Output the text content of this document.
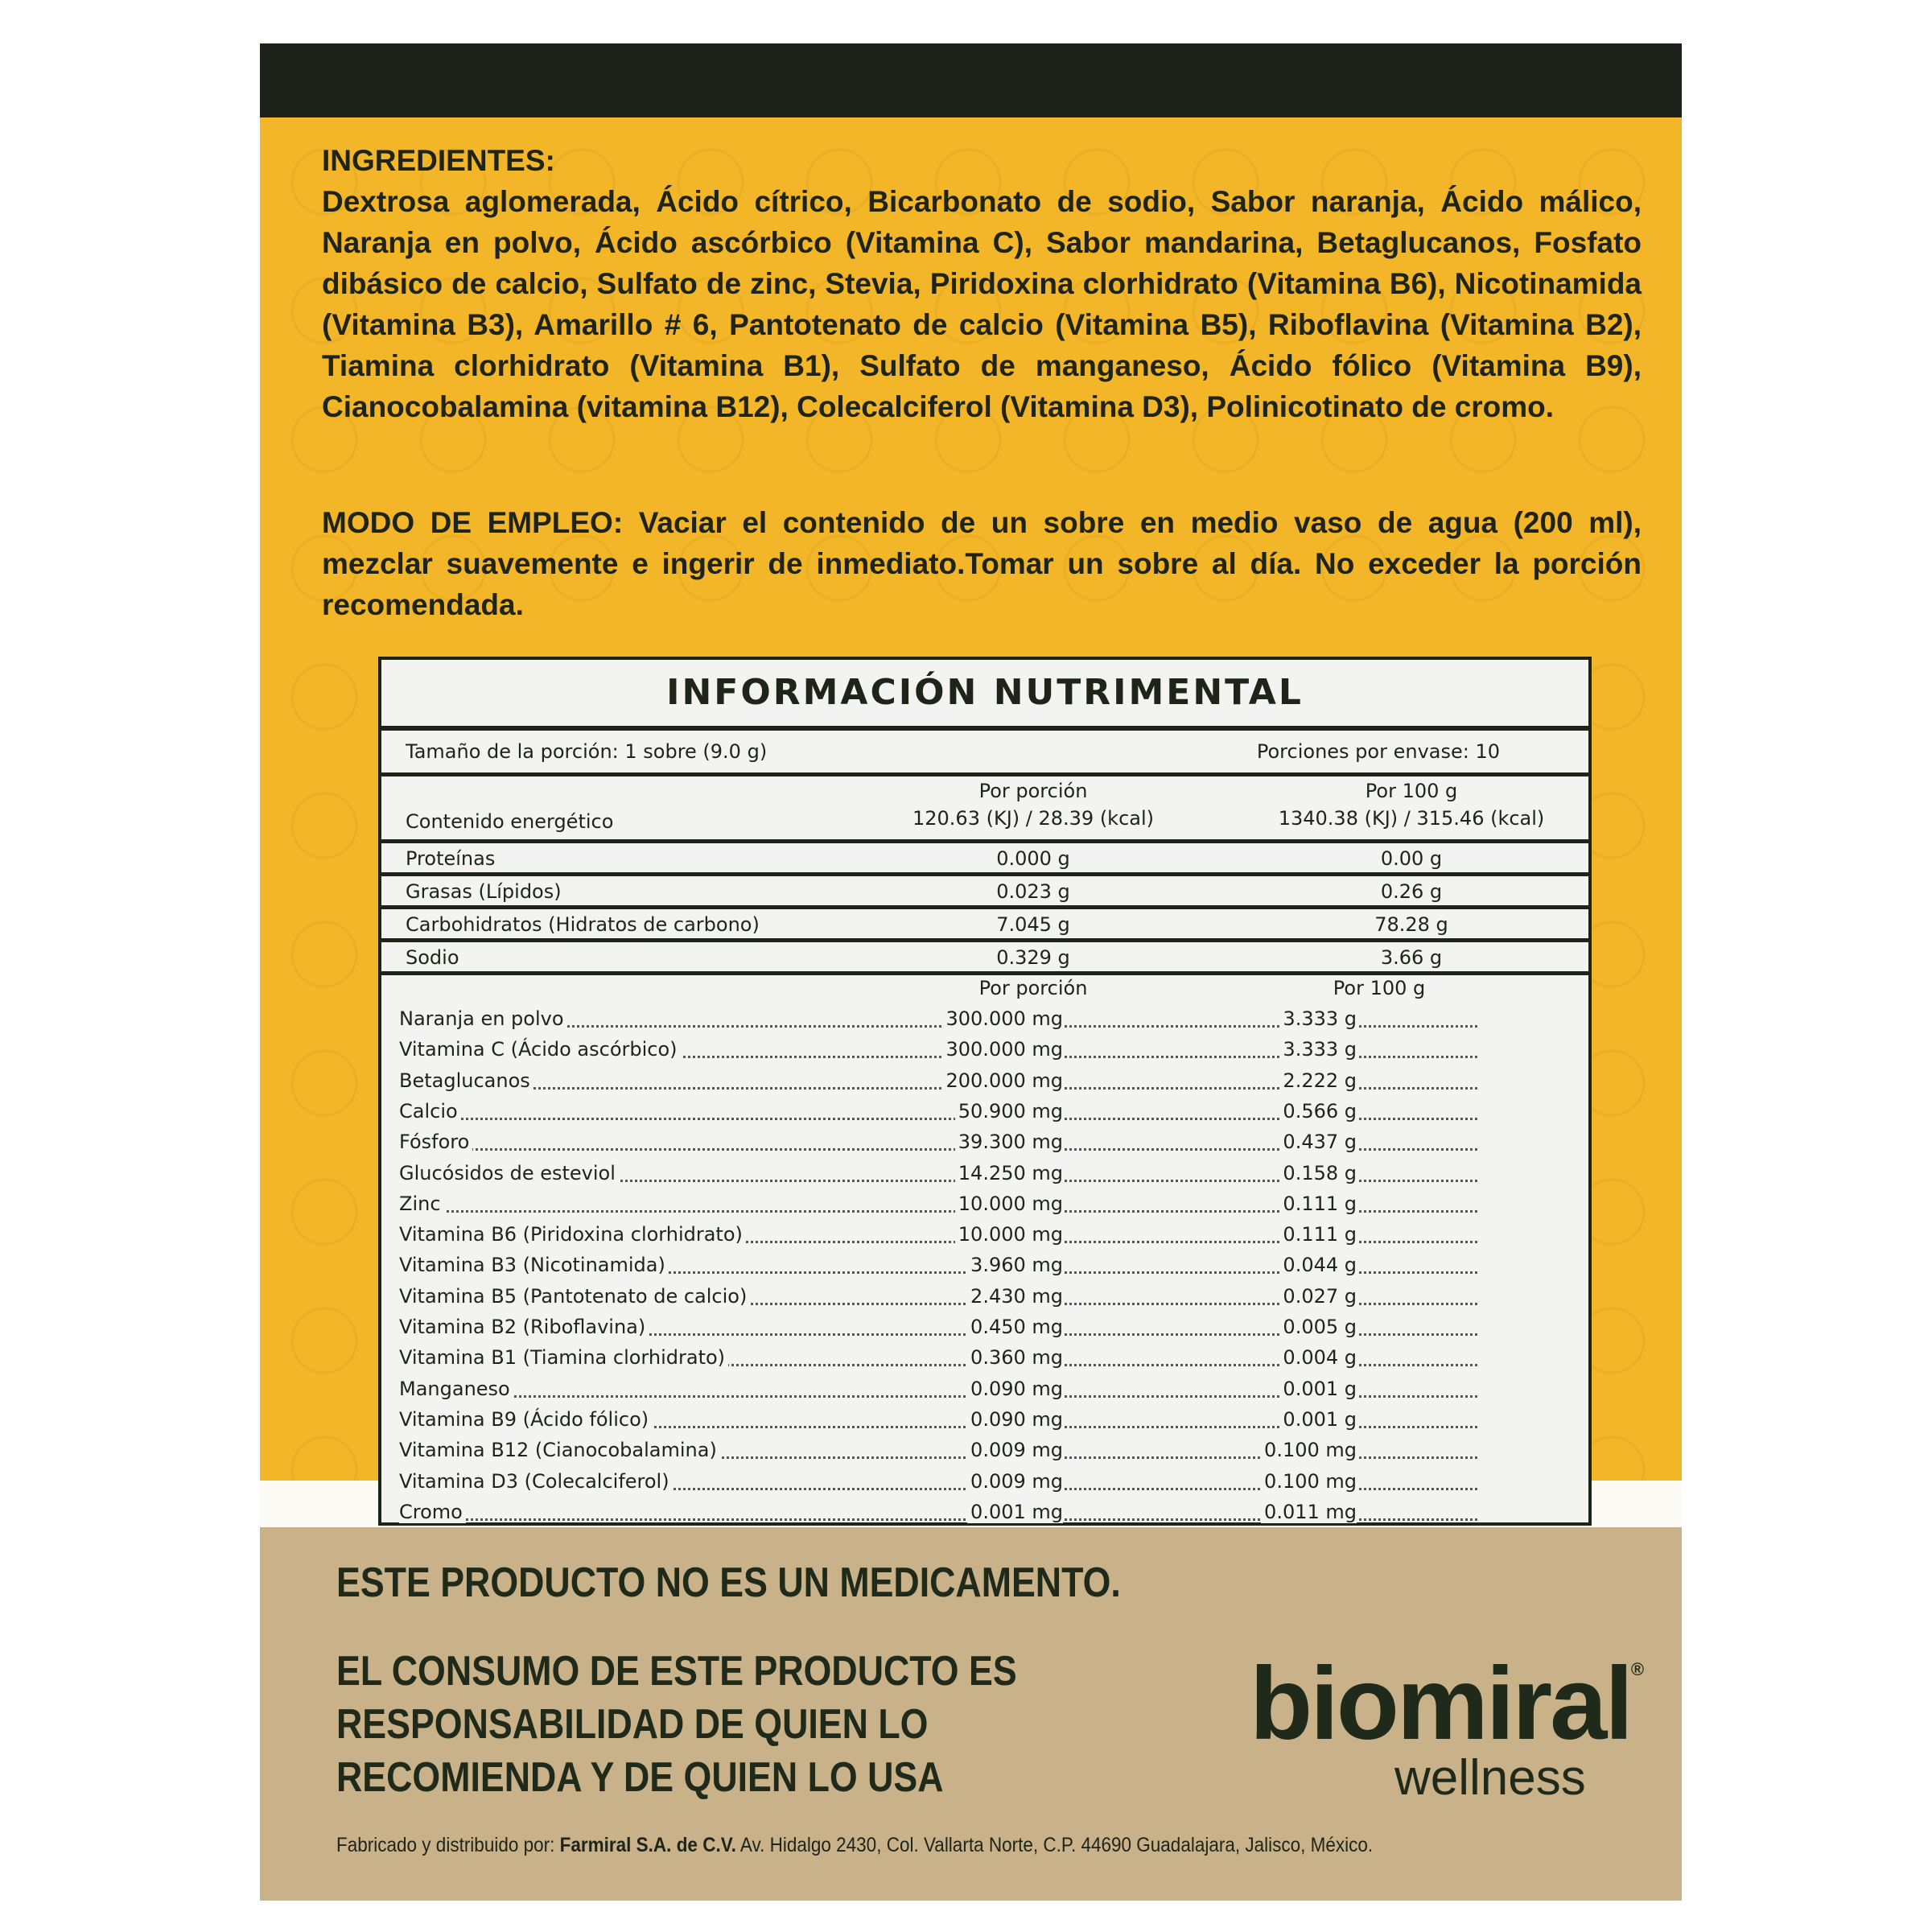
INGREDIENTES:
Dextrosa aglomerada, Ácido cítrico, Bicarbonato de sodio, Sabor naranja, Ácido málico, Naranja en polvo, Ácido ascórbico (Vitamina C), Sabor mandarina, Betaglucanos, Fosfato dibásico de calcio, Sulfato de zinc, Stevia, Piridoxina clorhidrato (Vitamina B6), Nicotinamida (Vitamina B3), Amarillo # 6, Pantotenato de calcio (Vitamina B5), Riboflavina (Vitamina B2), Tiamina clorhidrato (Vitamina B1), Sulfato de manganeso, Ácido fólico (Vitamina B9), Cianocobalamina (vitamina B12), Colecalciferol (Vitamina D3), Polinicotinato de cromo.
MODO DE EMPLEO: Vaciar el contenido de un sobre en medio vaso de agua (200 ml), mezclar suavemente e ingerir de inmediato.Tomar un sobre al día. No exceder la porción recomendada.
INFORMACIÓN NUTRIMENTAL
Tamaño de la porción: 1 sobre (9.0 g)	Porciones por envase: 10
Por porción	Por 100 g
Contenido energético	120.63 (KJ) / 28.39 (kcal)	1340.38 (KJ) / 315.46 (kcal)
Proteínas	0.000 g	0.00 g
Grasas (Lípidos)	0.023 g	0.26 g
Carbohidratos (Hidratos de carbono)	7.045 g	78.28 g
Sodio	0.329 g	3.66 g
Por porción	Por 100 g
Naranja en polvo	300.000 mg	3.333 g
Vitamina C (Ácido ascórbico)	300.000 mg	3.333 g
Betaglucanos	200.000 mg	2.222 g
Calcio	50.900 mg	0.566 g
Fósforo	39.300 mg	0.437 g
Glucósidos de esteviol	14.250 mg	0.158 g
Zinc	10.000 mg	0.111 g
Vitamina B6 (Piridoxina clorhidrato)	10.000 mg	0.111 g
Vitamina B3 (Nicotinamida)	3.960 mg	0.044 g
Vitamina B5 (Pantotenato de calcio)	2.430 mg	0.027 g
Vitamina B2 (Riboflavina)	0.450 mg	0.005 g
Vitamina B1 (Tiamina clorhidrato)	0.360 mg	0.004 g
Manganeso	0.090 mg	0.001 g
Vitamina B9 (Ácido fólico)	0.090 mg	0.001 g
Vitamina B12 (Cianocobalamina)	0.009 mg	0.100 mg
Vitamina D3 (Colecalciferol)	0.009 mg	0.100 mg
Cromo	0.001 mg	0.011 mg
ESTE PRODUCTO NO ES UN MEDICAMENTO.
EL CONSUMO DE ESTE PRODUCTO ES
RESPONSABILIDAD DE QUIEN LO
RECOMIENDA Y DE QUIEN LO USA
biomiral®
wellness
Fabricado y distribuido por: Farmiral S.A. de C.V. Av. Hidalgo 2430, Col. Vallarta Norte, C.P. 44690 Guadalajara, Jalisco, México.
